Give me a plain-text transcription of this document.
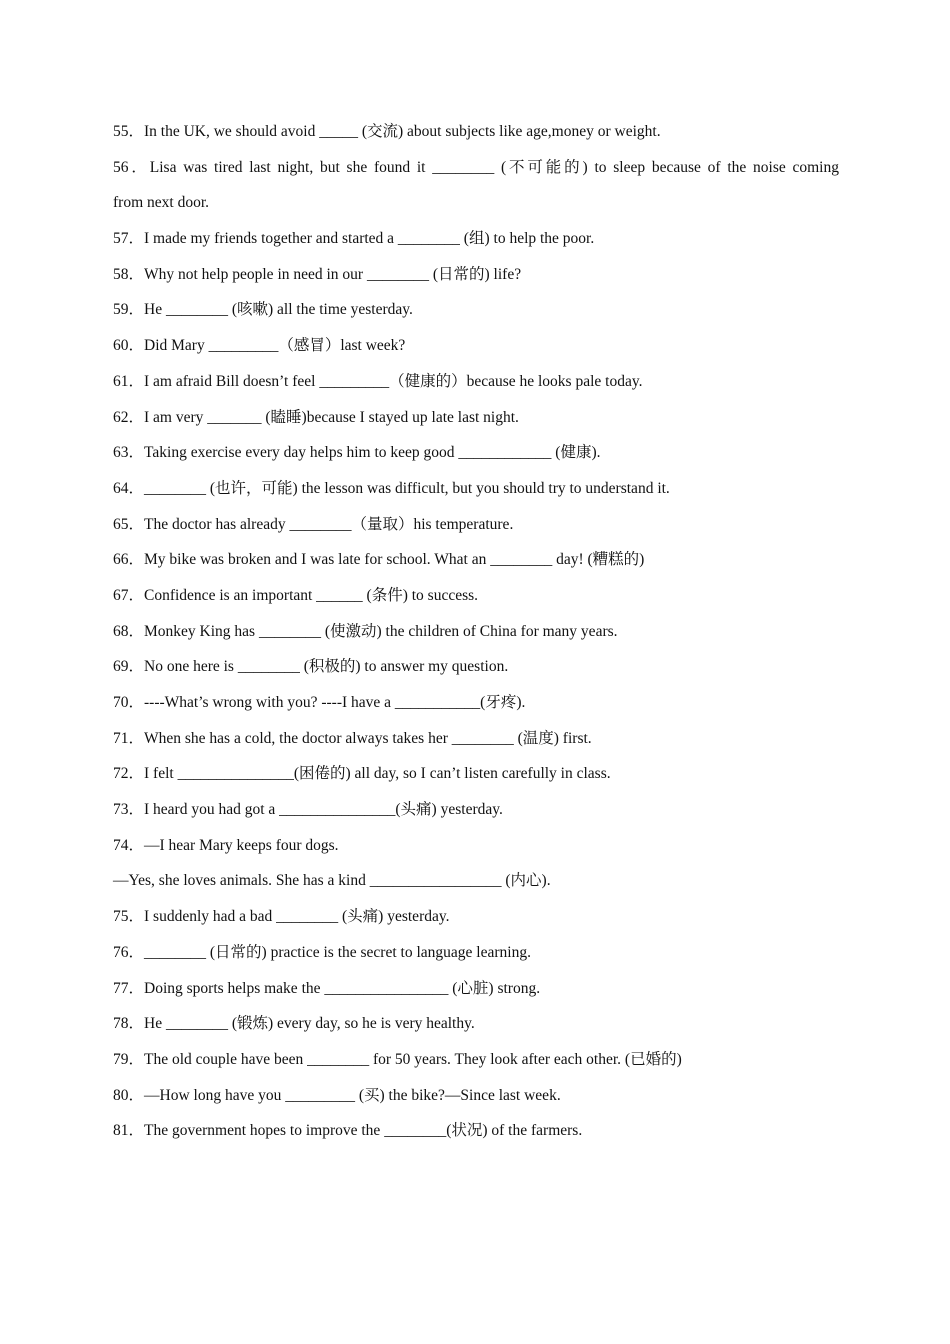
55．In the UK, we should avoid _____ (交流) about subjects like age,money or weight.
56．Lisa was tired last night, but she found it ________ (不可能的) to sleep because of the noise coming
from next door.
57．I made my friends together and started a ________ (组) to help the poor.
58．Why not help people in need in our ________ (日常的) life?
59．He ________ (咳嗽) all the time yesterday.
60．Did Mary _________（感冒）last week?
61．I am afraid Bill doesn’t feel _________（健康的）because he looks pale today.
62．I am very _______ (瞌睡)because I stayed up late last night.
63．Taking exercise every day helps him to keep good ____________ (健康).
64．________ (也许，可能) the lesson was difficult, but you should try to understand it.
65．The doctor has already ________（量取）his temperature.
66．My bike was broken and I was late for school. What an ________ day! (糟糕的)
67．Confidence is an important ______ (条件) to success.
68．Monkey King has ________ (使激动) the children of China for many years.
69．No one here is ________ (积极的) to answer my question.
70．----What’s wrong with you? ----I have a ___________(牙疼).
71．When she has a cold, the doctor always takes her ________ (温度) first.
72．I felt _______________(困倦的) all day, so I can’t listen carefully in class.
73．I heard you had got a _______________(头痛) yesterday.
74．—I hear Mary keeps four dogs.
—Yes, she loves animals. She has a kind _________________ (内心).
75．I suddenly had a bad ________ (头痛) yesterday.
76．________ (日常的) practice is the secret to language learning.
77．Doing sports helps make the ________________ (心脏) strong.
78．He ________ (锻炼) every day, so he is very healthy.
79．The old couple have been ________ for 50 years. They look after each other. (已婚的)
80．—How long have you _________ (买) the bike?—Since last week.
81．The government hopes to improve the ________(状况) of the farmers.
